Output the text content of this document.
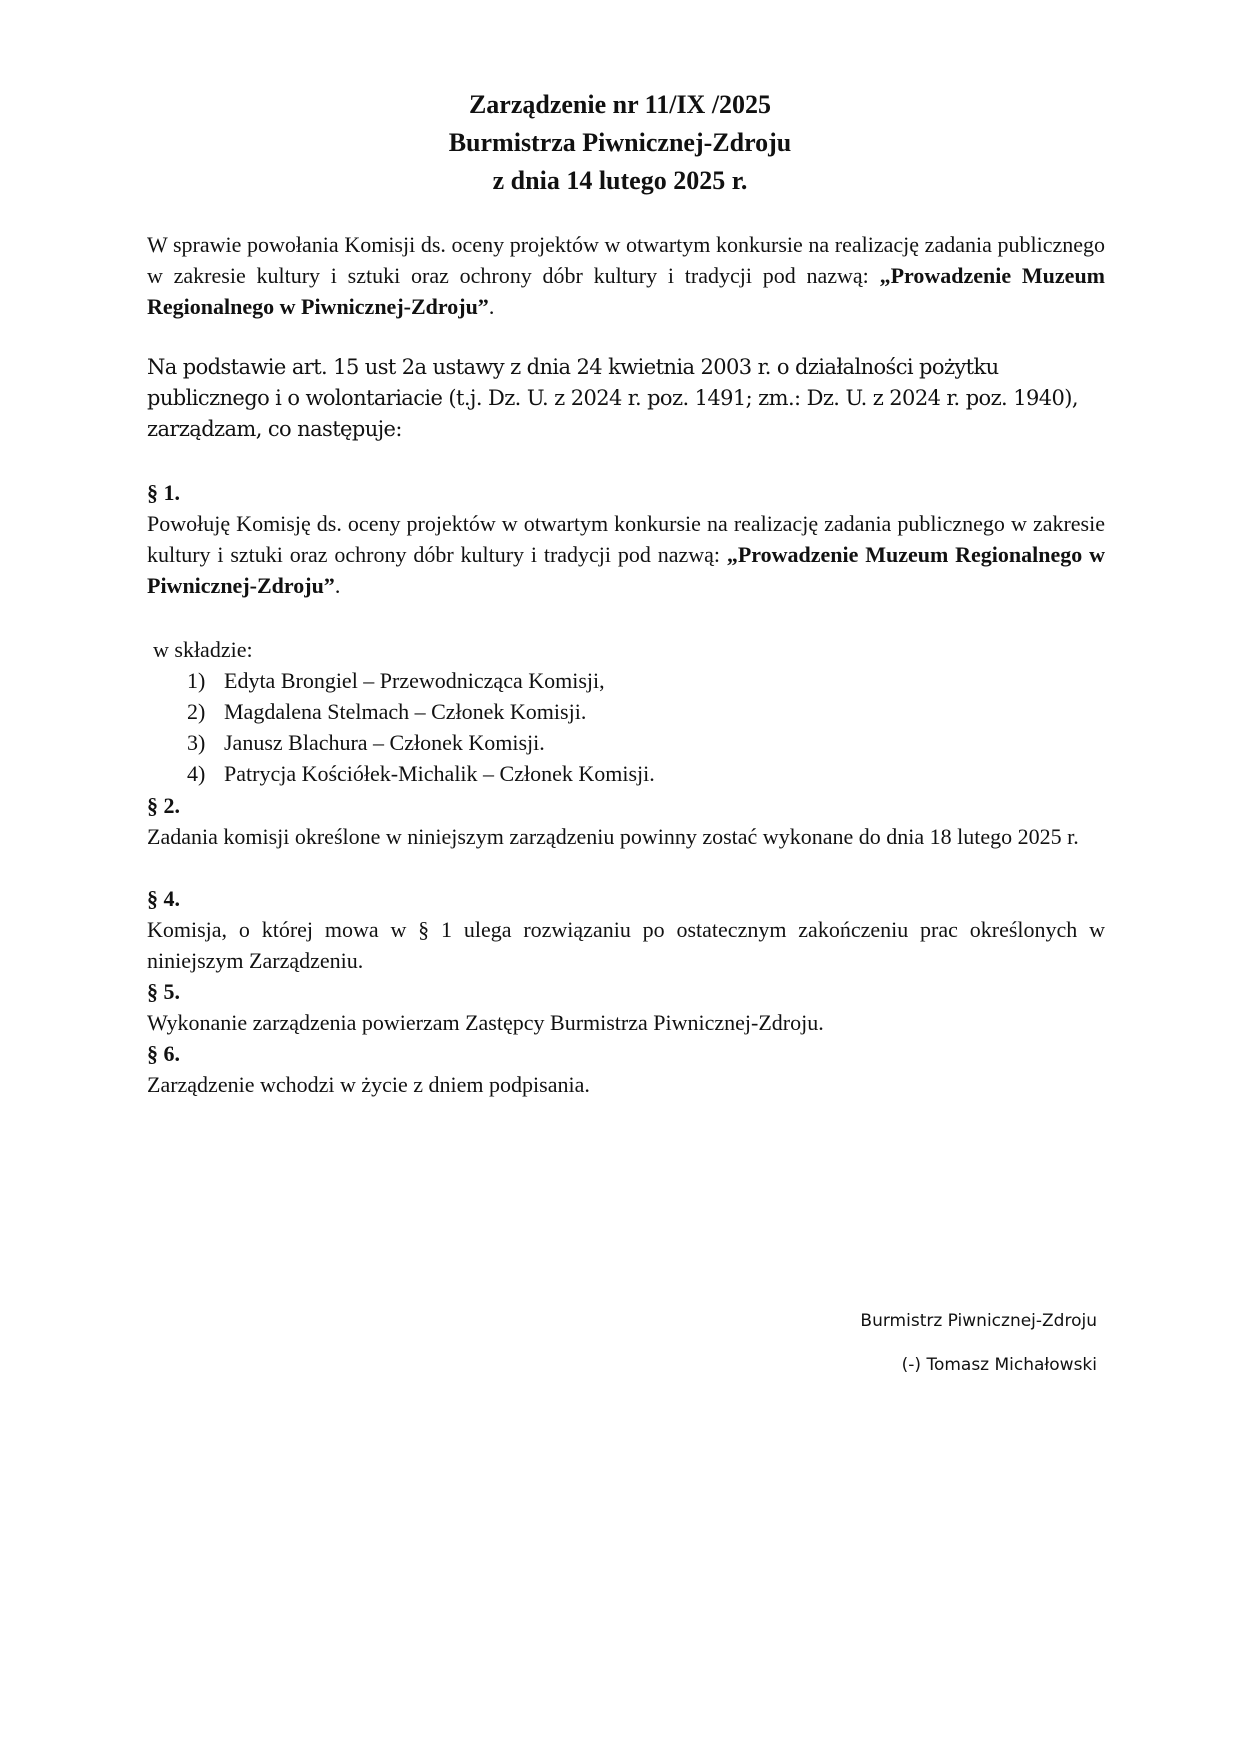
Zarządzenie nr 11/IX /2025
Burmistrza Piwnicznej-Zdroju
z dnia 14 lutego 2025 r.
W sprawie powołania Komisji ds. oceny projektów w otwartym konkursie na realizację zadania publicznego w zakresie kultury i sztuki oraz ochrony dóbr kultury i tradycji pod nazwą: „Prowadzenie Muzeum Regionalnego w Piwnicznej-Zdroju”.
Na podstawie art. 15 ust 2a ustawy z dnia 24 kwietnia 2003 r. o działalności pożytku publicznego i o wolontariacie (t.j. Dz. U. z 2024 r. poz. 1491; zm.: Dz. U. z 2024 r. poz. 1940), zarządzam, co następuje:
§ 1.
Powołuję Komisję ds. oceny projektów w otwartym konkursie na realizację zadania publicznego w zakresie kultury i sztuki oraz ochrony dóbr kultury i tradycji pod nazwą: „Prowadzenie Muzeum Regionalnego w Piwnicznej-Zdroju”.
w składzie:
1) Edyta Brongiel – Przewodnicząca Komisji,
2) Magdalena Stelmach – Członek Komisji.
3) Janusz Blachura – Członek Komisji.
4) Patrycja Kościółek-Michalik – Członek Komisji.
§ 2.
Zadania komisji określone w niniejszym zarządzeniu powinny zostać wykonane do dnia 18 lutego 2025 r.
§ 4.
Komisja, o której mowa w § 1 ulega rozwiązaniu po ostatecznym zakończeniu prac określonych w niniejszym Zarządzeniu.
§ 5.
Wykonanie zarządzenia powierzam Zastępcy Burmistrza Piwnicznej-Zdroju.
§ 6.
Zarządzenie wchodzi w życie z dniem podpisania.
Burmistrz Piwnicznej-Zdroju
(-) Tomasz Michałowski
